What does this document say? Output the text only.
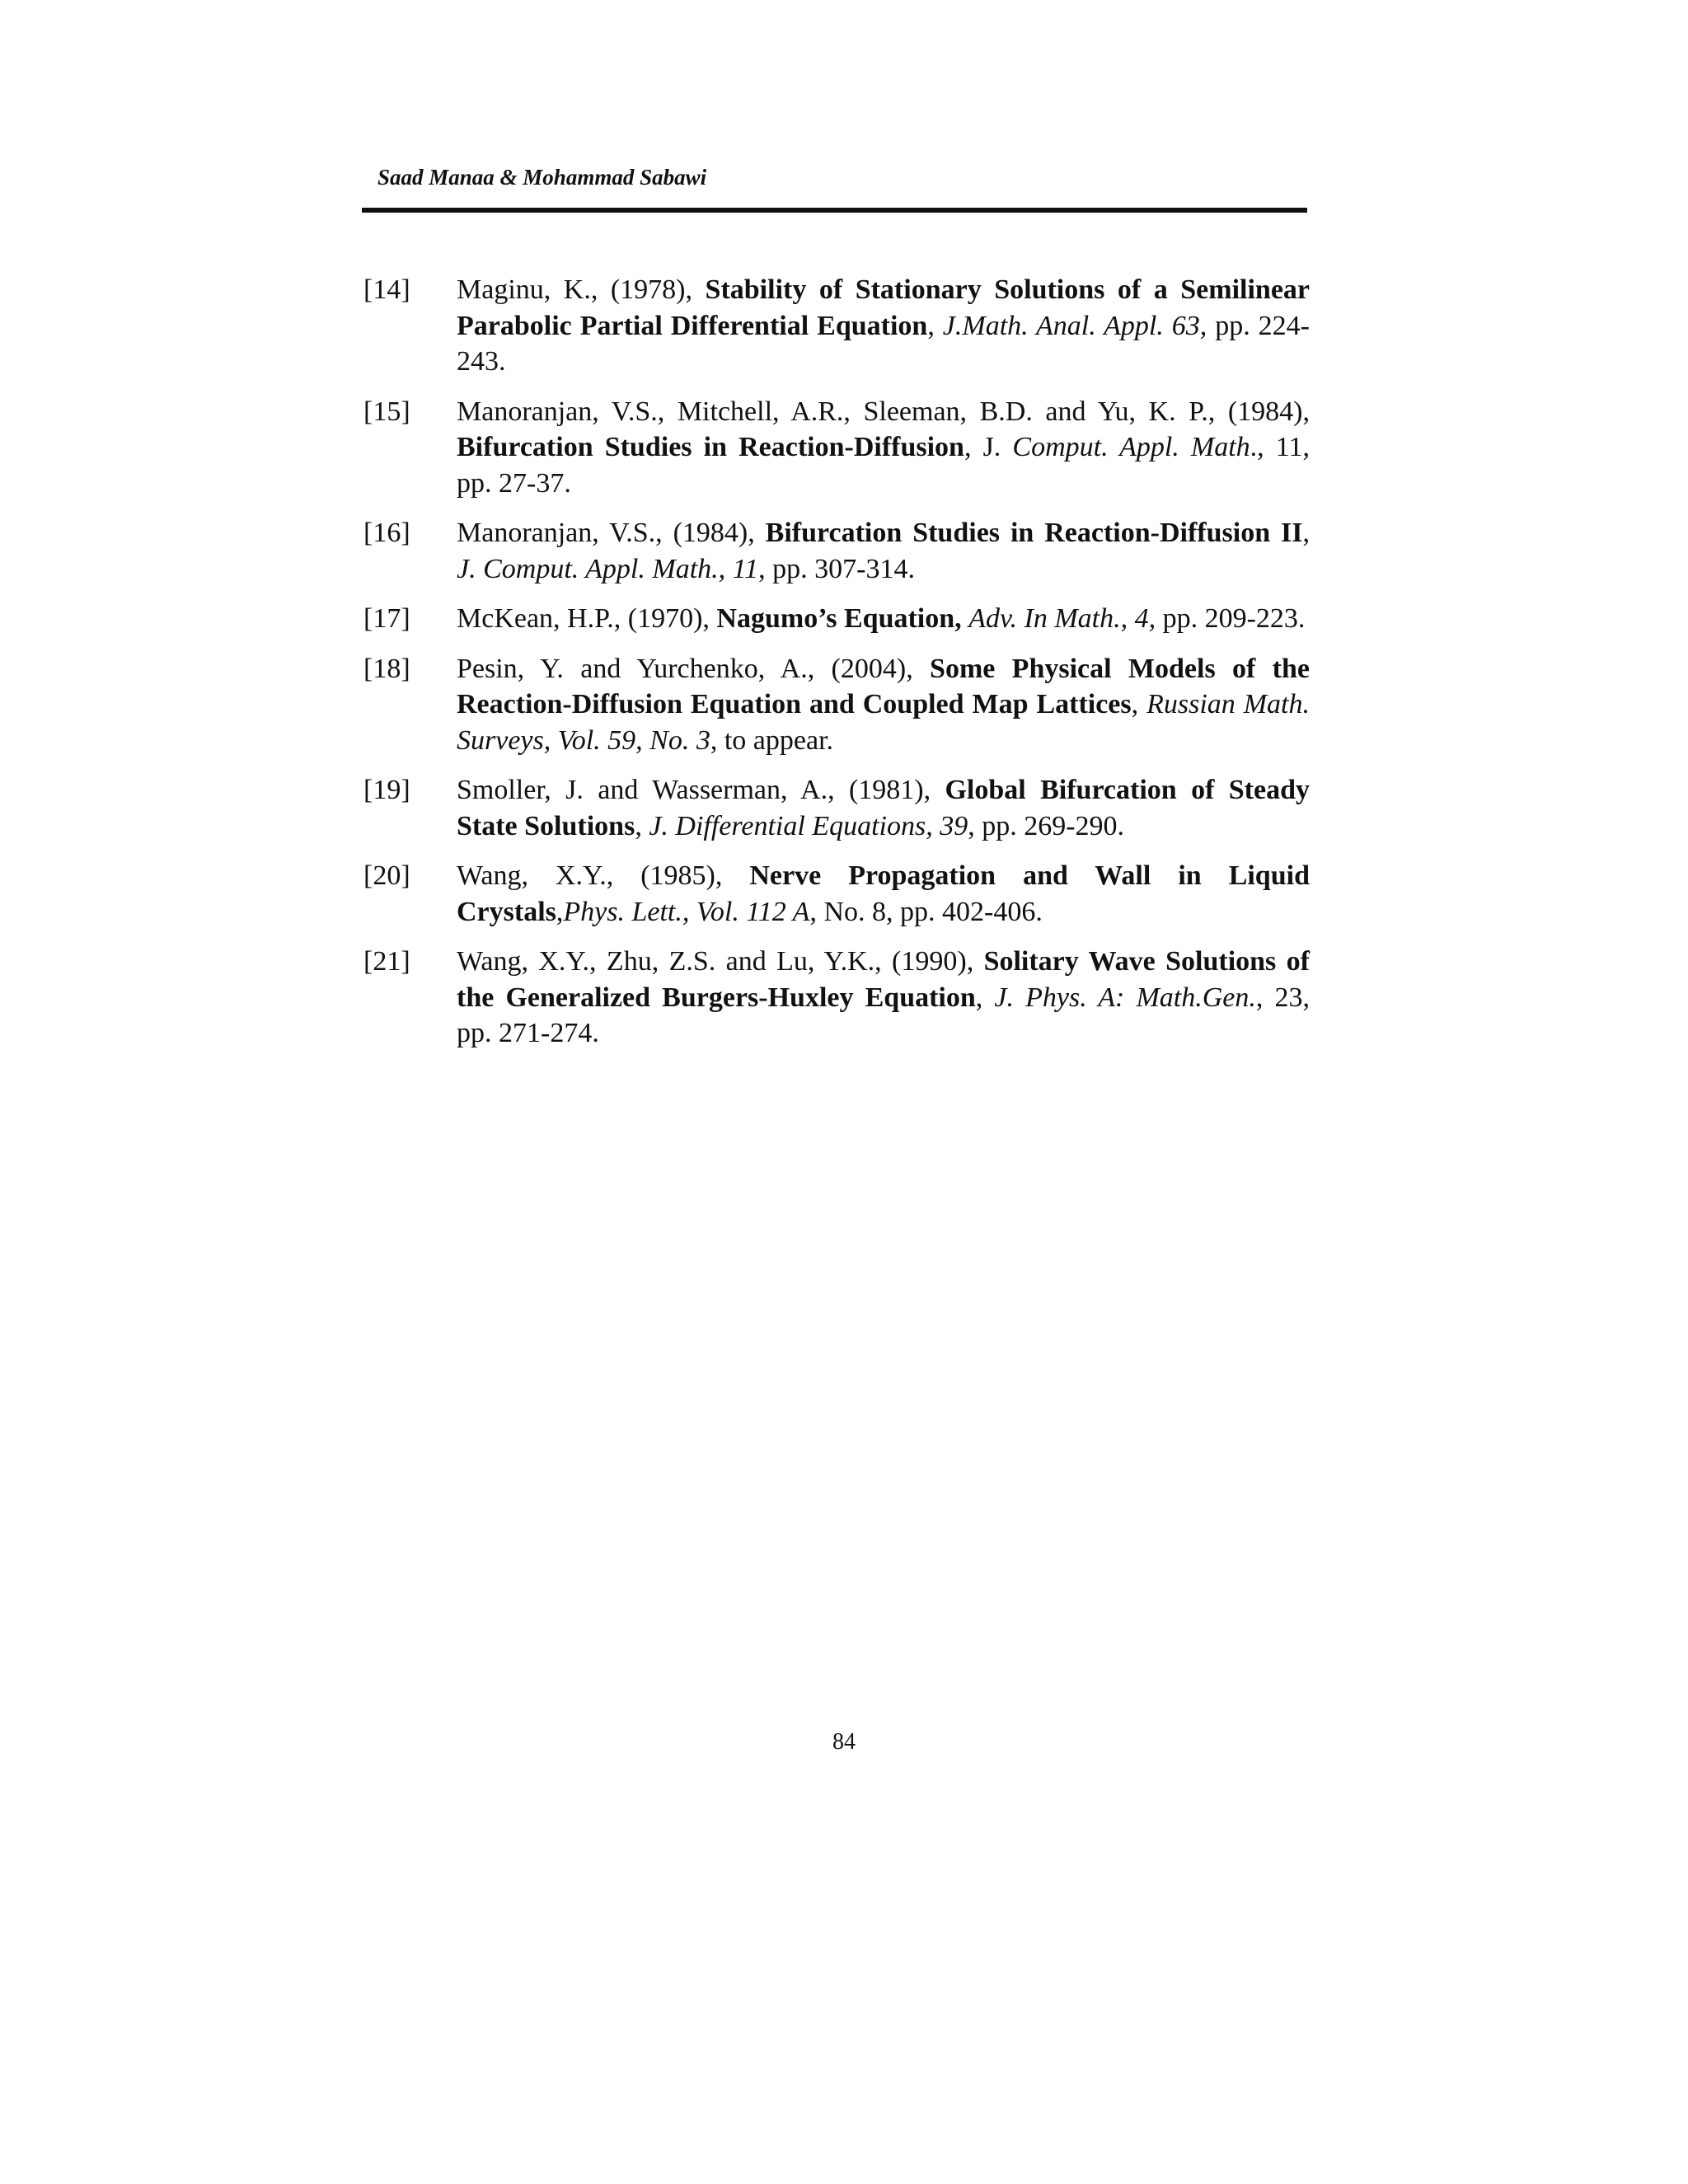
Saad Manaa & Mohammad Sabawi
[14]	Maginu, K., (1978), Stability of Stationary Solutions of a Semilinear Parabolic Partial Differential Equation, J.Math. Anal. Appl. 63, pp. 224-243.
[15]	Manoranjan, V.S., Mitchell, A.R., Sleeman, B.D. and Yu, K. P., (1984), Bifurcation Studies in Reaction-Diffusion, J. Comput. Appl. Math., 11, pp. 27-37.
[16]	Manoranjan, V.S., (1984), Bifurcation Studies in Reaction-Diffusion II, J. Comput. Appl. Math., 11, pp. 307-314.
[17]	McKean, H.P., (1970), Nagumo’s Equation, Adv. In Math., 4, pp. 209-223.
[18]	Pesin, Y. and Yurchenko, A., (2004), Some Physical Models of the Reaction-Diffusion Equation and Coupled Map Lattices, Russian Math. Surveys, Vol. 59, No. 3, to appear.
[19]	Smoller, J. and Wasserman, A., (1981), Global Bifurcation of Steady State Solutions, J. Differential Equations, 39, pp. 269-290.
[20]	Wang, X.Y., (1985), Nerve Propagation and Wall in Liquid Crystals,Phys. Lett., Vol. 112 A, No. 8, pp. 402-406.
[21]	Wang, X.Y., Zhu, Z.S. and Lu, Y.K., (1990), Solitary Wave Solutions of the Generalized Burgers-Huxley Equation, J. Phys. A: Math.Gen., 23, pp. 271-274.
84
